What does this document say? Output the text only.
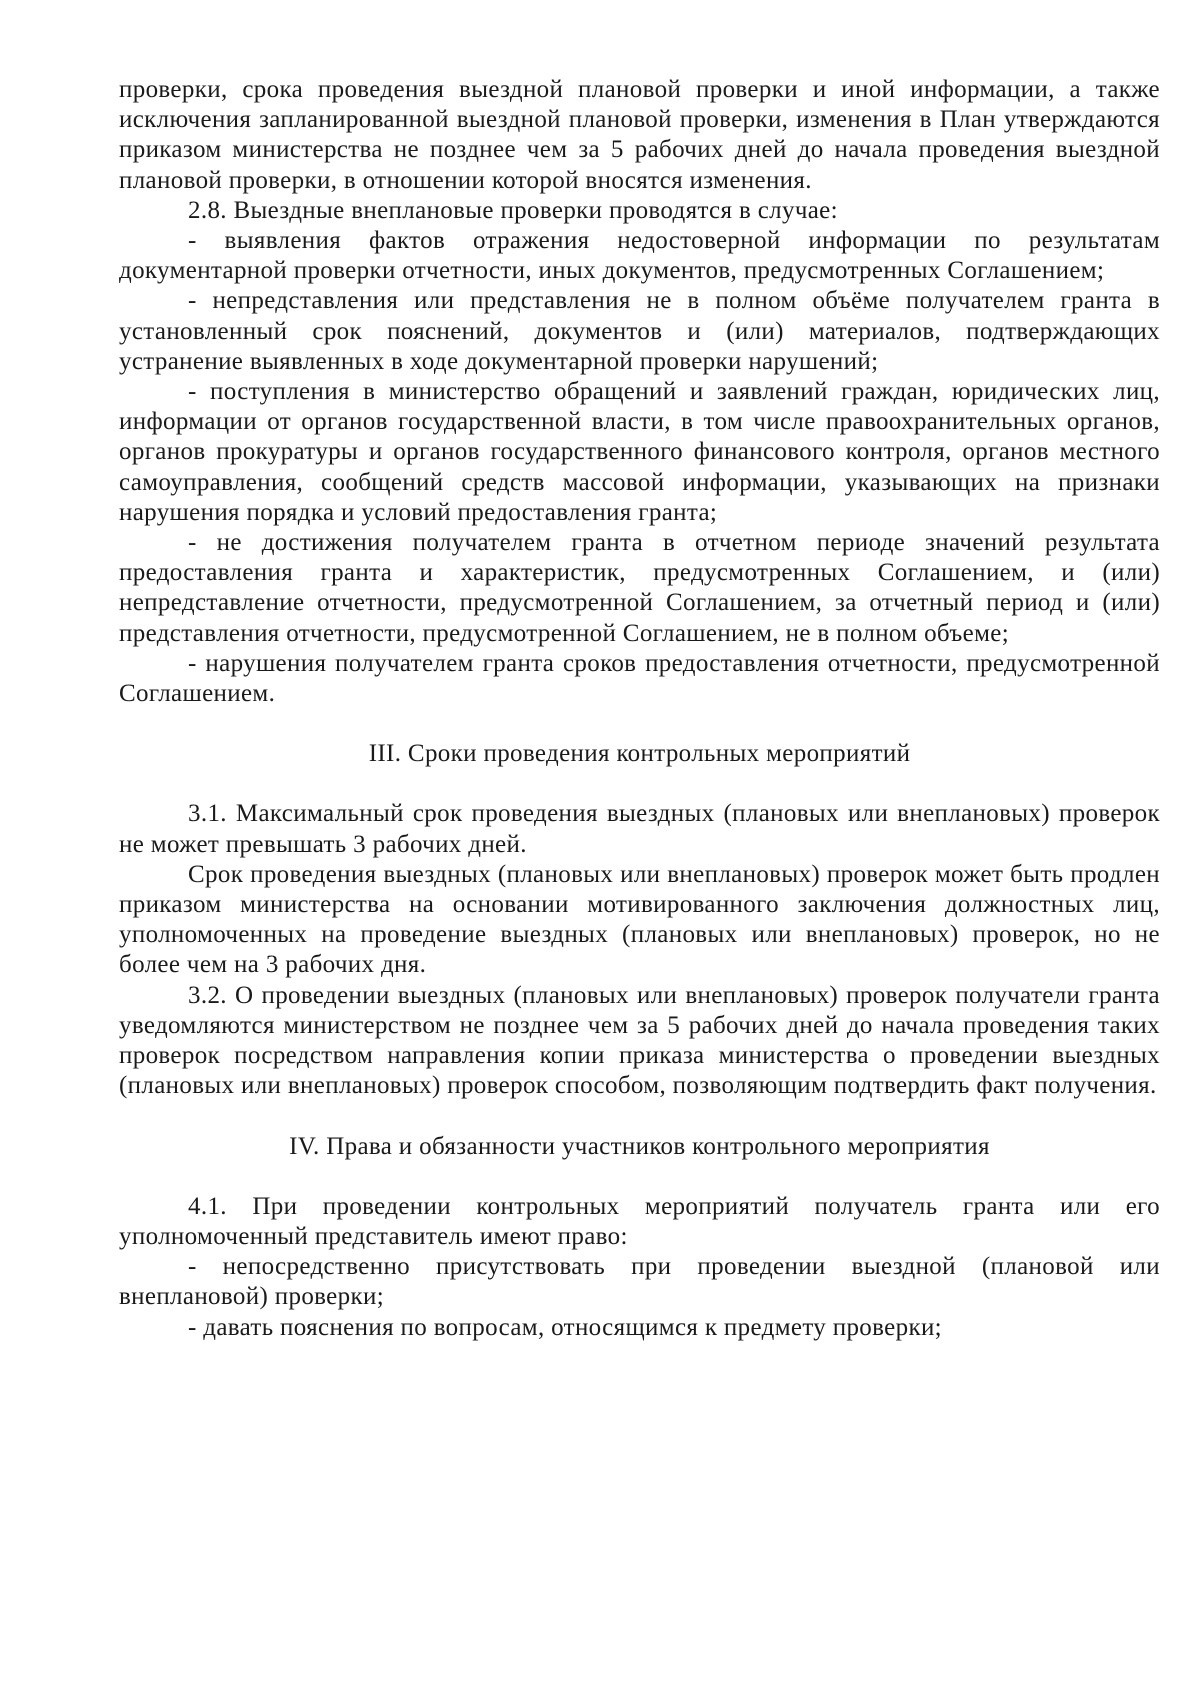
проверки, срока проведения выездной плановой проверки и иной информации, а также исключения запланированной выездной плановой проверки, изменения в План утверждаются приказом министерства не позднее чем за 5 рабочих дней до начала проведения выездной плановой проверки, в отношении которой вносятся изменения.

2.8. Выездные внеплановые проверки проводятся в случае:

- выявления фактов отражения недостоверной информации по результатам документарной проверки отчетности, иных документов, предусмотренных Соглашением;

- непредставления или представления не в полном объёме получателем гранта в установленный срок пояснений, документов и (или) материалов, подтверждающих устранение выявленных в ходе документарной проверки нарушений;

- поступления в министерство обращений и заявлений граждан, юридических лиц, информации от органов государственной власти, в том числе правоохранительных органов, органов прокуратуры и органов государственного финансового контроля, органов местного самоуправления, сообщений средств массовой информации, указывающих на признаки нарушения порядка и условий предоставления гранта;

- не достижения получателем гранта в отчетном периоде значений результата предоставления гранта и характеристик, предусмотренных Соглашением, и (или) непредставление отчетности, предусмотренной Соглашением, за отчетный период и (или) представления отчетности, предусмотренной Соглашением, не в полном объеме;

- нарушения получателем гранта сроков предоставления отчетности, предусмотренной Соглашением.

III. Сроки проведения контрольных мероприятий

3.1. Максимальный срок проведения выездных (плановых или внеплановых) проверок не может превышать 3 рабочих дней.

Срок проведения выездных (плановых или внеплановых) проверок может быть продлен приказом министерства на основании мотивированного заключения должностных лиц, уполномоченных на проведение выездных (плановых или внеплановых) проверок, но не более чем на 3 рабочих дня.

3.2. О проведении выездных (плановых или внеплановых) проверок получатели гранта уведомляются министерством не позднее чем за 5 рабочих дней до начала проведения таких проверок посредством направления копии приказа министерства о проведении выездных (плановых или внеплановых) проверок способом, позволяющим подтвердить факт получения.

IV. Права и обязанности участников контрольного мероприятия

4.1. При проведении контрольных мероприятий получатель гранта или его уполномоченный представитель имеют право:

- непосредственно присутствовать при проведении выездной (плановой или внеплановой) проверки;

- давать пояснения по вопросам, относящимся к предмету проверки;
